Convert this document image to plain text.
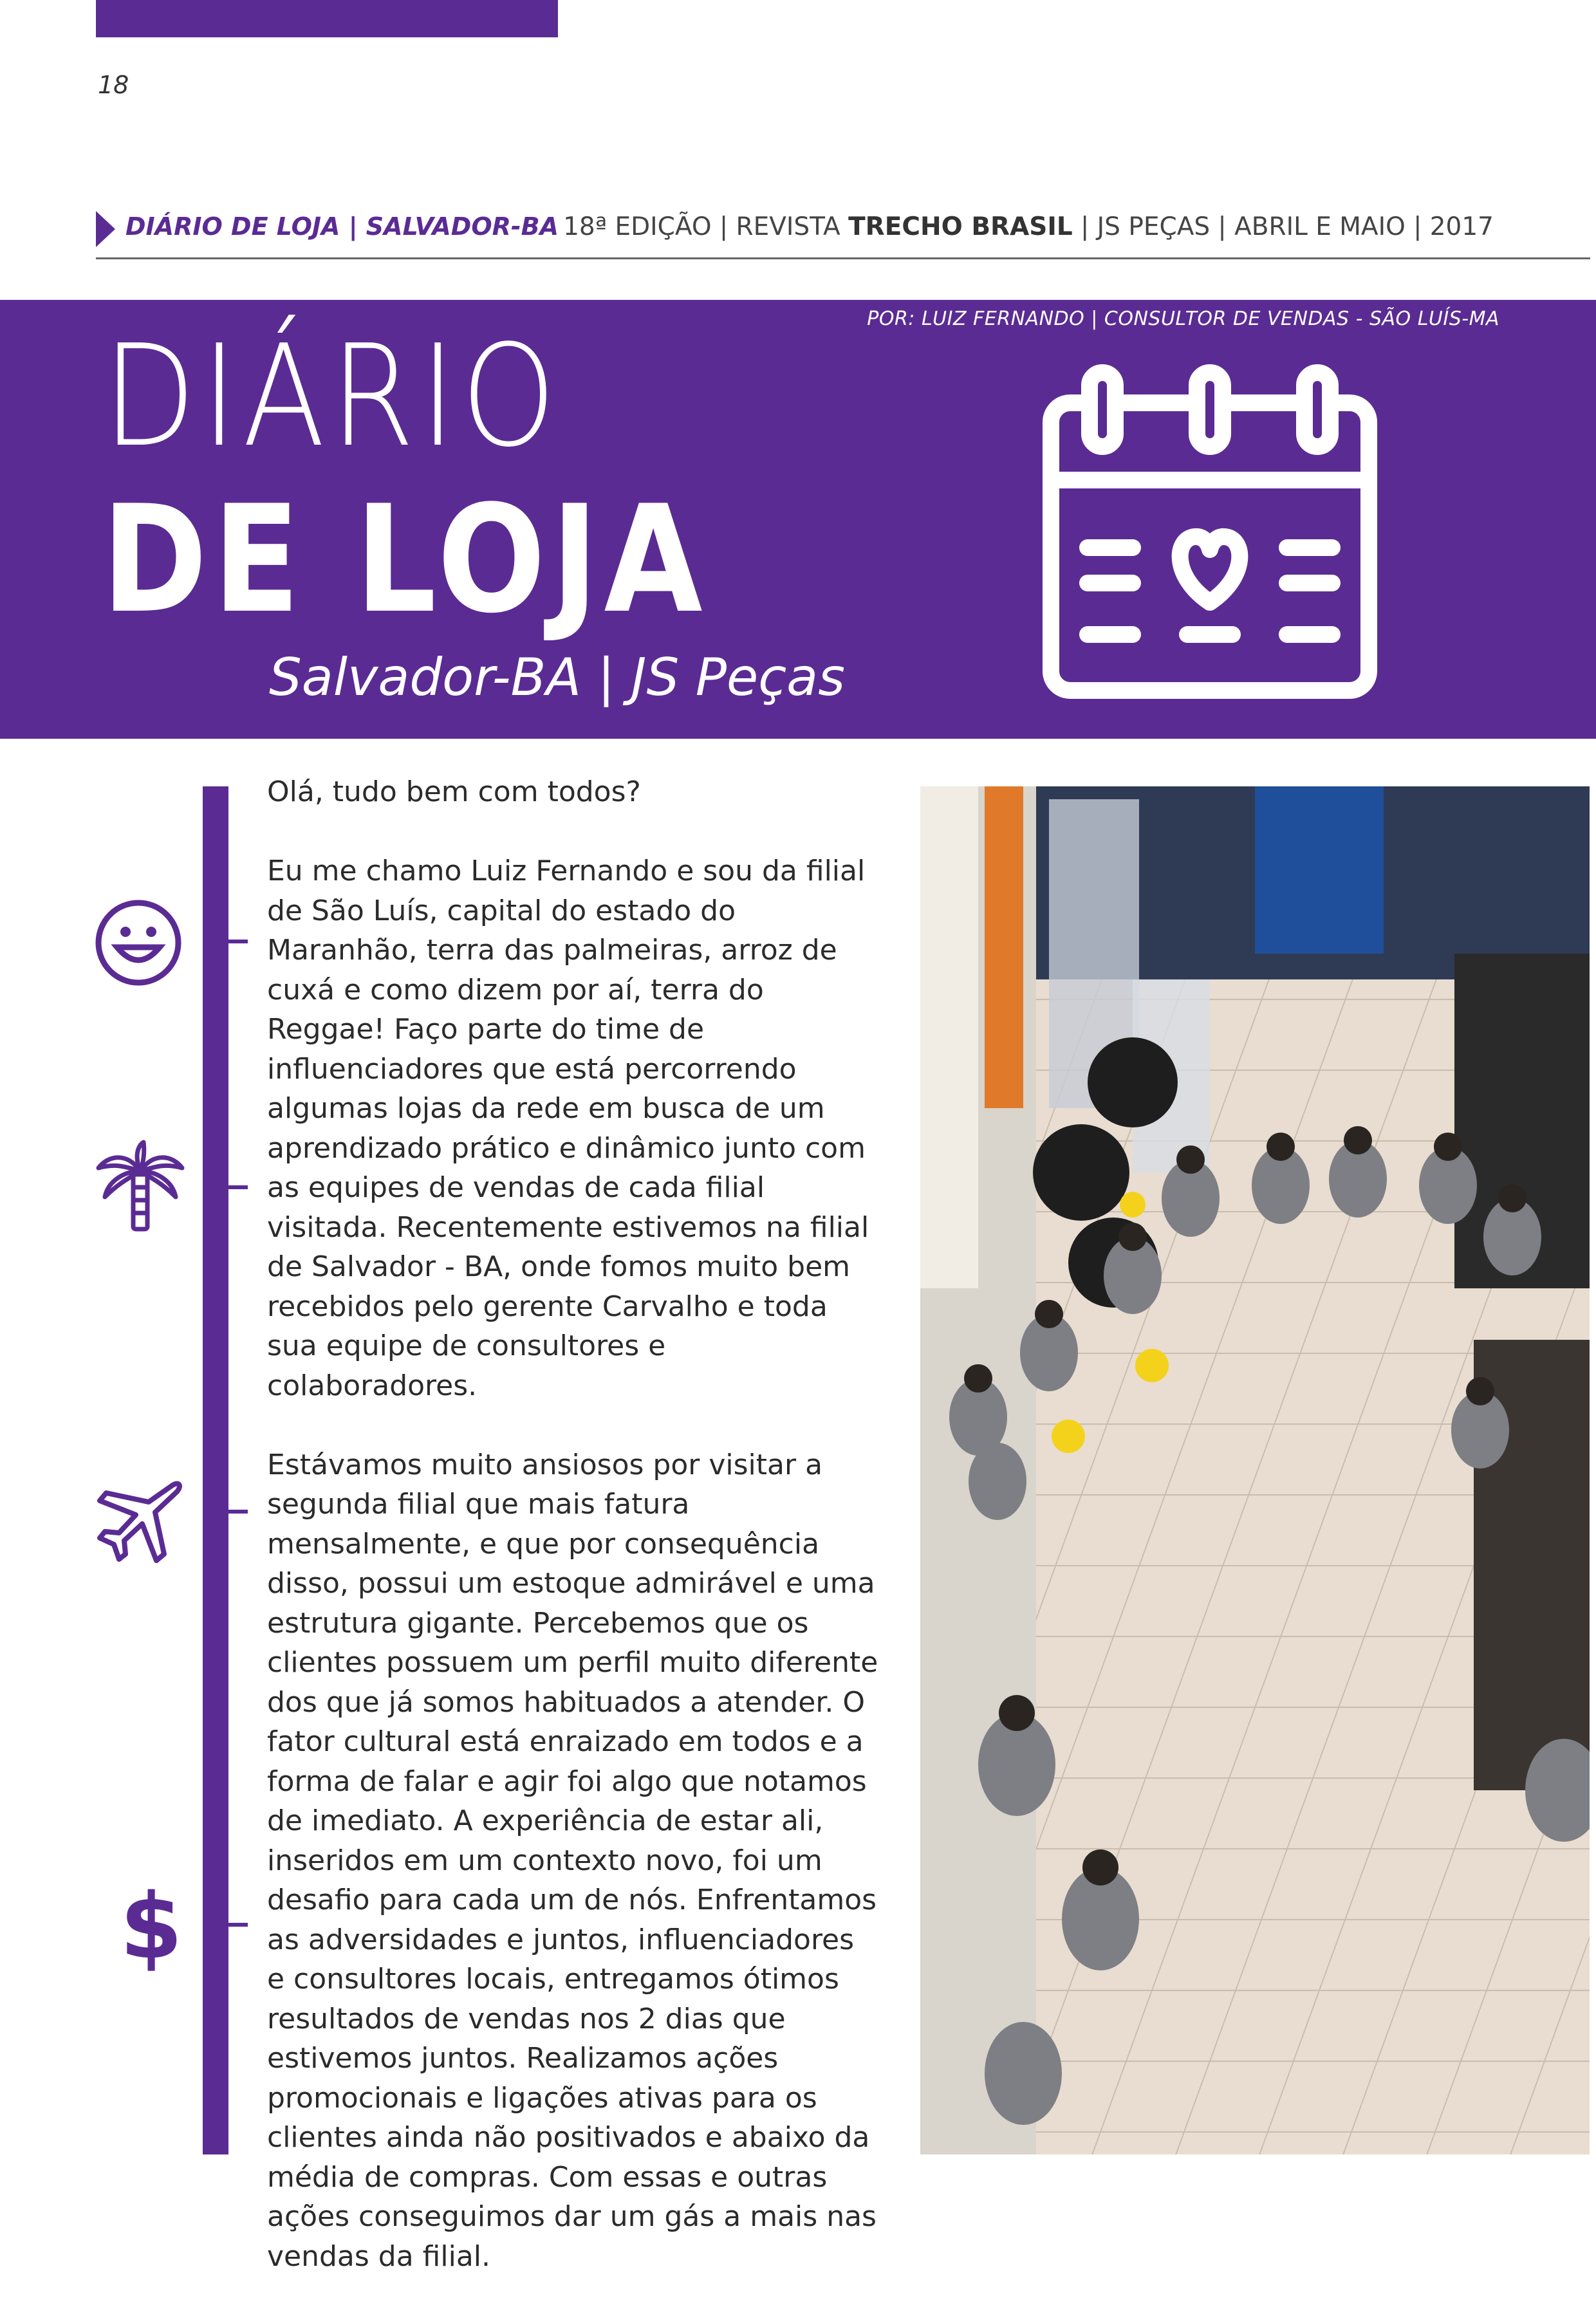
18
DIÁRIO DE LOJA | SALVADOR-BA 18ª EDIÇÃO | REVISTA TRECHO BRASIL | JS PEÇAS | ABRIL E MAIO | 2017
POR: LUIZ FERNANDO | CONSULTOR DE VENDAS - SÃO LUÍS-MA
DIÁRIO
DE LOJA
Salvador-BA | JS Peças
$

Olá, tudo bem com todos?

Eu me chamo Luiz Fernando e sou da filial de São Luís, capital do estado do Maranhão, terra das palmeiras, arroz de cuxá e como dizem por aí, terra do Reggae! Faço parte do time de influenciadores que está percorrendo algumas lojas da rede em busca de um aprendizado prático e dinâmico junto com as equipes de vendas de cada filial visitada. Recentemente estivemos na filial de Salvador - BA, onde fomos muito bem recebidos pelo gerente Carvalho e toda sua equipe de consultores e colaboradores.

Estávamos muito ansiosos por visitar a segunda filial que mais fatura mensalmente, e que por consequência disso, possui um estoque admirável e uma estrutura gigante. Percebemos que os clientes possuem um perfil muito diferente dos que já somos habituados a atender. O fator cultural está enraizado em todos e a forma de falar e agir foi algo que notamos de imediato. A experiência de estar ali, inseridos em um contexto novo, foi um desafio para cada um de nós. Enfrentamos as adversidades e juntos, influenciadores e consultores locais, entregamos ótimos resultados de vendas nos 2 dias que estivemos juntos. Realizamos ações promocionais e ligações ativas para os clientes ainda não positivados e abaixo da média de compras. Com essas e outras ações conseguimos dar um gás a mais nas vendas da filial.
